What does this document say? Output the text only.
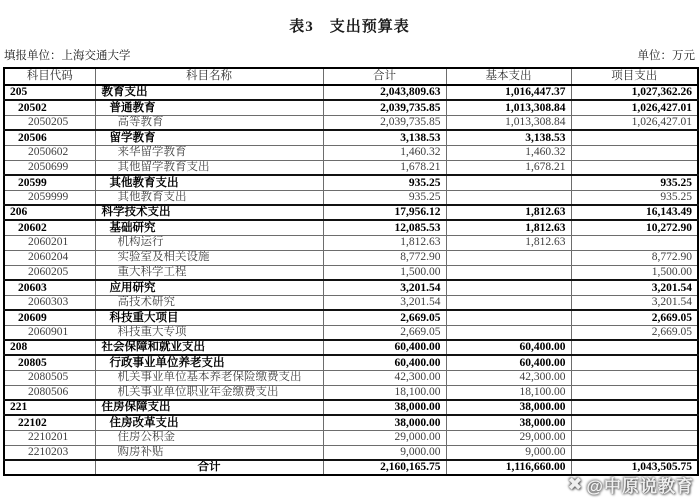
表3　支出预算表
填报单位：上海交通大学	单位：万元
科目代码	科目名称	合计	基本支出	项目支出
205	教育支出	2,043,809.63	1,016,447.37	1,027,362.26
20502	普通教育	2,039,735.85	1,013,308.84	1,026,427.01
2050205	高等教育	2,039,735.85	1,013,308.84	1,026,427.01
20506	留学教育	3,138.53	3,138.53	
2050602	来华留学教育	1,460.32	1,460.32	
2050699	其他留学教育支出	1,678.21	1,678.21	
20599	其他教育支出	935.25		935.25
2059999	其他教育支出	935.25		935.25
206	科学技术支出	17,956.12	1,812.63	16,143.49
20602	基础研究	12,085.53	1,812.63	10,272.90
2060201	机构运行	1,812.63	1,812.63	
2060204	实验室及相关设施	8,772.90		8,772.90
2060205	重大科学工程	1,500.00		1,500.00
20603	应用研究	3,201.54		3,201.54
2060303	高技术研究	3,201.54		3,201.54
20609	科技重大项目	2,669.05		2,669.05
2060901	科技重大专项	2,669.05		2,669.05
208	社会保障和就业支出	60,400.00	60,400.00	
20805	行政事业单位养老支出	60,400.00	60,400.00	
2080505	机关事业单位基本养老保险缴费支出	42,300.00	42,300.00	
2080506	机关事业单位职业年金缴费支出	18,100.00	18,100.00	
221	住房保障支出	38,000.00	38,000.00	
22102	住房改革支出	38,000.00	38,000.00	
2210201	住房公积金	29,000.00	29,000.00	
2210203	购房补贴	9,000.00	9,000.00	
	合计	2,160,165.75	1,116,660.00	1,043,505.75
✖ @中原说教育
